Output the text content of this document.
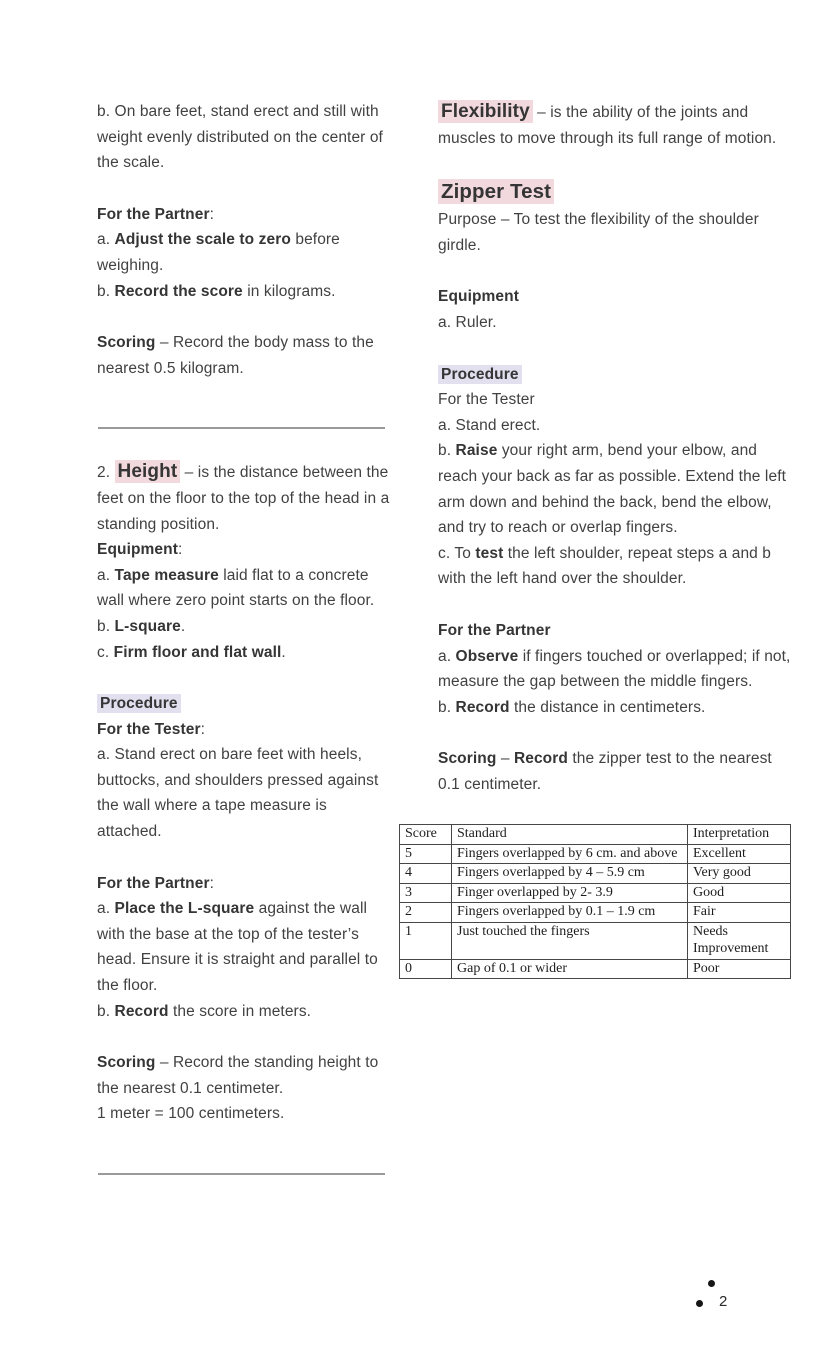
b. On bare feet, stand erect and still with weight evenly distributed on the center of the scale.

For the Partner:

a. Adjust the scale to zero before weighing.

b. Record the score in kilograms.

Scoring – Record the body mass to the nearest 0.5 kilogram.

2. Height – is the distance between the feet on the floor to the top of the head in a standing position.

Equipment:

a. Tape measure laid flat to a concrete wall where zero point starts on the floor.

b. L-square.

c. Firm floor and flat wall.

Procedure

For the Tester:

a. Stand erect on bare feet with heels, buttocks, and shoulders pressed against the wall where a tape measure is attached.

For the Partner:

a. Place the L-square against the wall with the base at the top of the tester’s head. Ensure it is straight and parallel to the floor.

b. Record the score in meters.

Scoring – Record the standing height to the nearest 0.1 centimeter.

1 meter = 100 centimeters.

Flexibility – is the ability of the joints and muscles to move through its full range of motion.

Zipper Test

Purpose – To test the flexibility of the shoulder girdle.

Equipment

a. Ruler.

Procedure

For the Tester

a. Stand erect.

b. Raise your right arm, bend your elbow, and reach your back as far as possible. Extend the left arm down and behind the back, bend the elbow, and try to reach or overlap fingers.

c. To test the left shoulder, repeat steps a and b with the left hand over the shoulder.

For the Partner

a. Observe if fingers touched or overlapped; if not, measure the gap between the middle fingers.

b. Record the distance in centimeters.

Scoring – Record the zipper test to the nearest 0.1 centimeter.

Score	Standard	Interpretation
5	Fingers overlapped by 6 cm. and above	Excellent
4	Fingers overlapped by 4 – 5.9 cm	Very good
3	Finger overlapped by 2- 3.9	Good
2	Fingers overlapped by 0.1 – 1.9 cm	Fair
1	Just touched the fingers	Needs Improvement
0	Gap of 0.1 or wider	Poor
2
